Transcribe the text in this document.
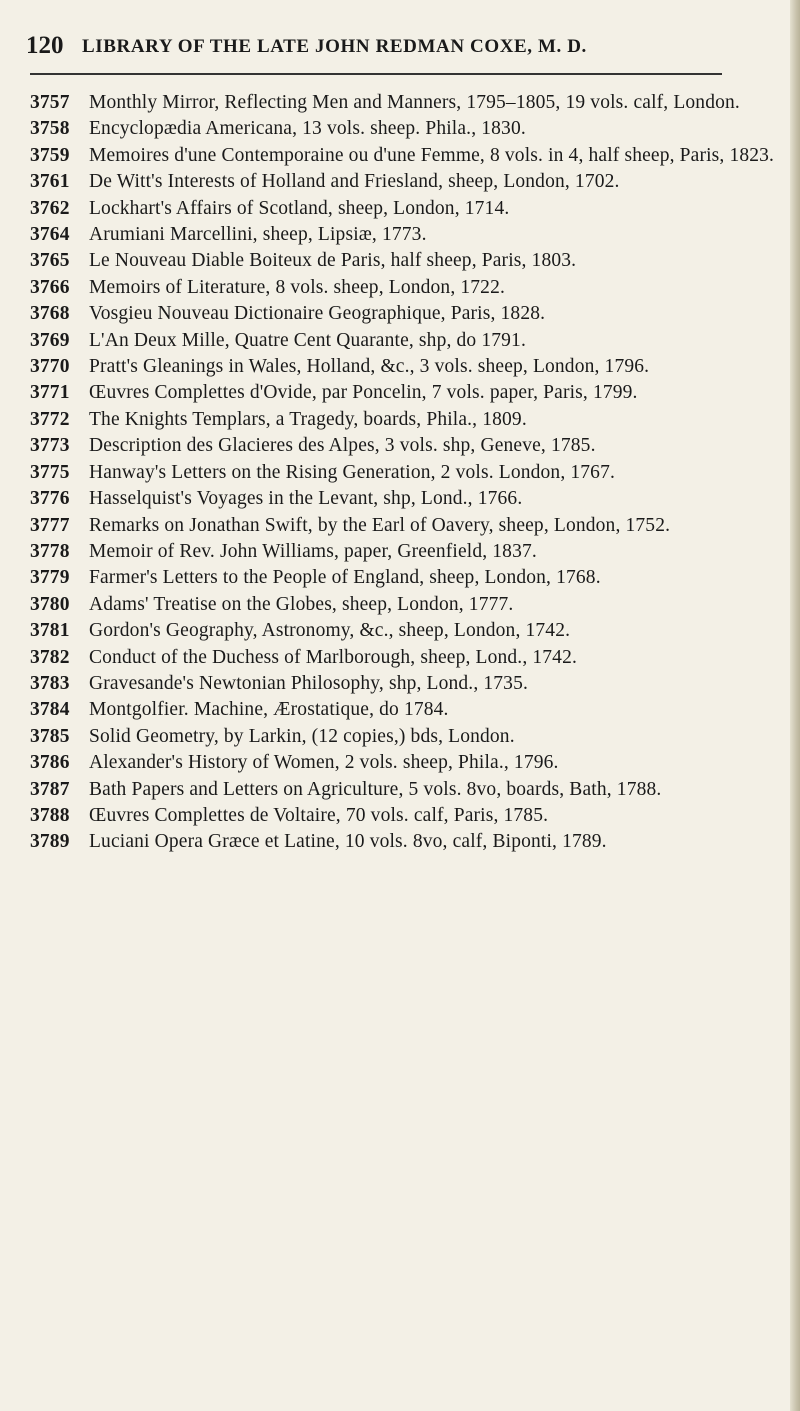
120 LIBRARY OF THE LATE JOHN REDMAN COXE, M. D.
3757 Monthly Mirror, Reflecting Men and Manners, 1795–1805, 19 vols. calf, London.
3758 Encyclopædia Americana, 13 vols. sheep. Phila., 1830.
3759 Memoires d'une Contemporaine ou d'une Femme, 8 vols. in 4, half sheep, Paris, 1823.
3761 De Witt's Interests of Holland and Friesland, sheep, London, 1702.
3762 Lockhart's Affairs of Scotland, sheep, London, 1714.
3764 Arumiani Marcellini, sheep, Lipsiæ, 1773.
3765 Le Nouveau Diable Boiteux de Paris, half sheep, Paris, 1803.
3766 Memoirs of Literature, 8 vols. sheep, London, 1722.
3768 Vosgieu Nouveau Dictionaire Geographique, Paris, 1828.
3769 L'An Deux Mille, Quatre Cent Quarante, shp, do 1791.
3770 Pratt's Gleanings in Wales, Holland, &c., 3 vols. sheep, London, 1796.
3771 Œuvres Complettes d'Ovide, par Poncelin, 7 vols. paper, Paris, 1799.
3772 The Knights Templars, a Tragedy, boards, Phila., 1809.
3773 Description des Glacieres des Alpes, 3 vols. shp, Geneve, 1785.
3775 Hanway's Letters on the Rising Generation, 2 vols. London, 1767.
3776 Hasselquist's Voyages in the Levant, shp, Lond., 1766.
3777 Remarks on Jonathan Swift, by the Earl of Oavery, sheep, London, 1752.
3778 Memoir of Rev. John Williams, paper, Greenfield, 1837.
3779 Farmer's Letters to the People of England, sheep, London, 1768.
3780 Adams' Treatise on the Globes, sheep, London, 1777.
3781 Gordon's Geography, Astronomy, &c., sheep, London, 1742.
3782 Conduct of the Duchess of Marlborough, sheep, Lond., 1742.
3783 Gravesande's Newtonian Philosophy, shp, Lond., 1735.
3784 Montgolfier. Machine, Ærostatique, do 1784.
3785 Solid Geometry, by Larkin, (12 copies,) bds, London.
3786 Alexander's History of Women, 2 vols. sheep, Phila., 1796.
3787 Bath Papers and Letters on Agriculture, 5 vols. 8vo, boards, Bath, 1788.
3788 Œuvres Complettes de Voltaire, 70 vols. calf, Paris, 1785.
3789 Luciani Opera Græce et Latine, 10 vols. 8vo, calf, Biponti, 1789.
